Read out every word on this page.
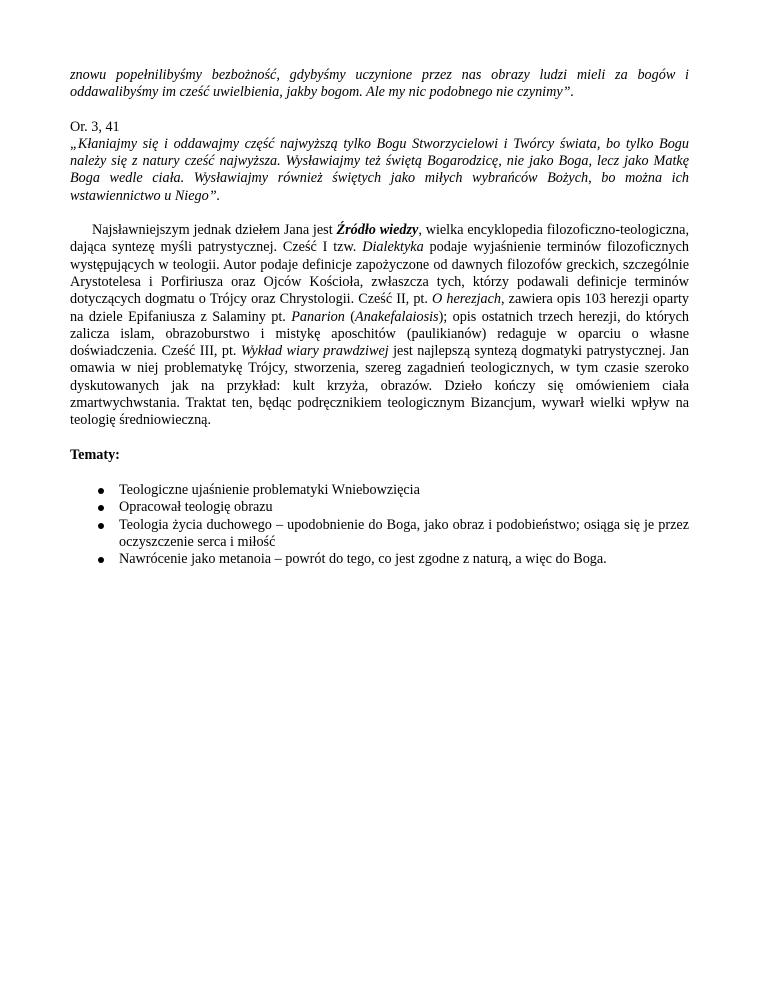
znowu popełnilibyśmy bezbożność, gdybyśmy uczynione przez nas obrazy ludzi mieli za bogów i oddawalibyśmy im cześć uwielbienia, jakby bogom. Ale my nic podobnego nie czynimy”.

Or. 3, 41

„Kłaniajmy się i oddawajmy część najwyższą tylko Bogu Stworzycielowi i Twórcy świata, bo tylko Bogu należy się z natury cześć najwyższa. Wysławiajmy też świętą Bogarodzicę, nie jako Boga, lecz jako Matkę Boga wedle ciała. Wysławiajmy również świętych jako miłych wybrańców Bożych, bo można ich wstawiennictwo u Niego”.

Najsławniejszym jednak dziełem Jana jest Źródło wiedzy, wielka encyklopedia filozoficzno-teologiczna, dająca syntezę myśli patrystycznej. Cześć I tzw. Dialektyka podaje wyjaśnienie terminów filozoficznych występujących w teologii. Autor podaje definicje zapożyczone od dawnych filozofów greckich, szczególnie Arystotelesa i Porfiriusza oraz Ojców Kościoła, zwłaszcza tych, którzy podawali definicje terminów dotyczących dogmatu o Trójcy oraz Chrystologii. Cześć II, pt. O herezjach, zawiera opis 103 herezji oparty na dziele Epifaniusza z Salaminy pt. Panarion (Anakefalaiosis); opis ostatnich trzech herezji, do których zalicza islam, obrazoburstwo i mistykę aposchitów (paulikianów) redaguje w oparciu o własne doświadczenia. Cześć III, pt. Wykład wiary prawdziwej jest najlepszą syntezą dogmatyki patrystycznej. Jan omawia w niej problematykę Trójcy, stworzenia, szereg zagadnień teologicznych, w tym czasie szeroko dyskutowanych jak na przykład: kult krzyża, obrazów. Dzieło kończy się omówieniem ciała zmartwychwstania. Traktat ten, będąc podręcznikiem teologicznym Bizancjum, wywarł wielki wpływ na teologię średniowieczną.

Tematy:

Teologiczne ujaśnienie problematyki Wniebowzięcia
Opracował teologię obrazu
Teologia życia duchowego – upodobnienie do Boga, jako obraz i podobieństwo; osiąga się je przez oczyszczenie serca i miłość
Nawrócenie jako metanoia – powrót do tego, co jest zgodne z naturą, a więc do Boga.
